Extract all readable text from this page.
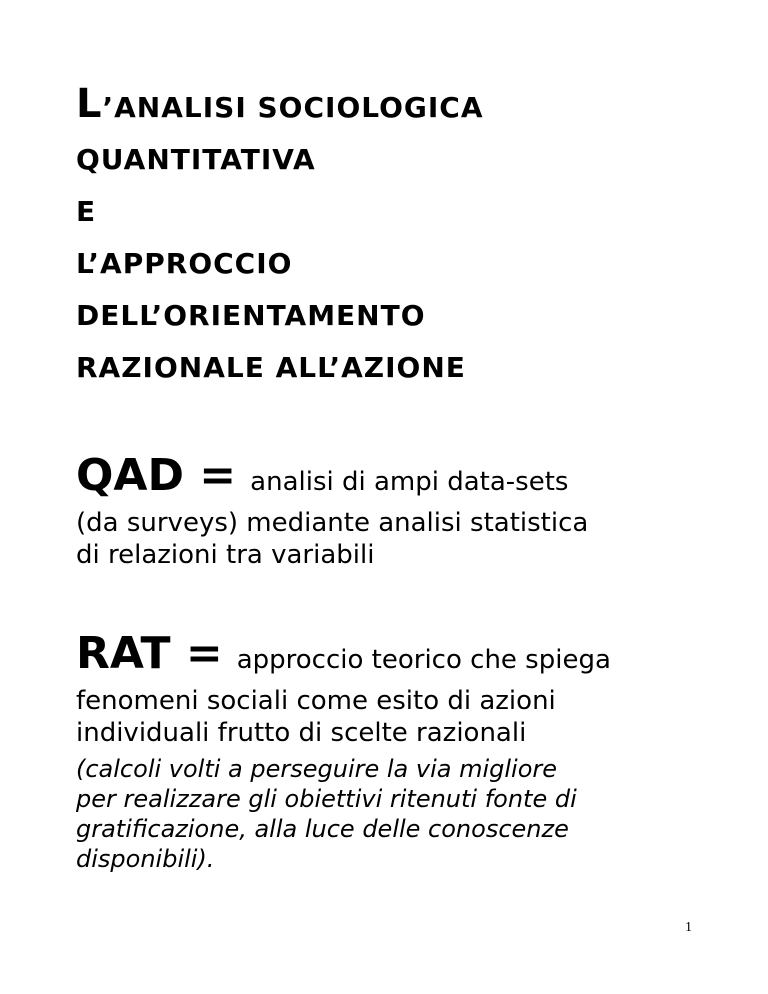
L’ANALISI SOCIOLOGICA
QUANTITATIVA
E
L’APPROCCIO
DELL’ORIENTAMENTO
RAZIONALE ALL’AZIONE
QAD = analisi di ampi data-sets
(da surveys) mediante analisi statistica
di relazioni tra variabili
RAT = approccio teorico che spiega
fenomeni sociali come esito di azioni
individuali frutto di scelte razionali
(calcoli volti a perseguire la via migliore
per realizzare gli obiettivi ritenuti fonte di
gratificazione, alla luce delle conoscenze
disponibili).
1
